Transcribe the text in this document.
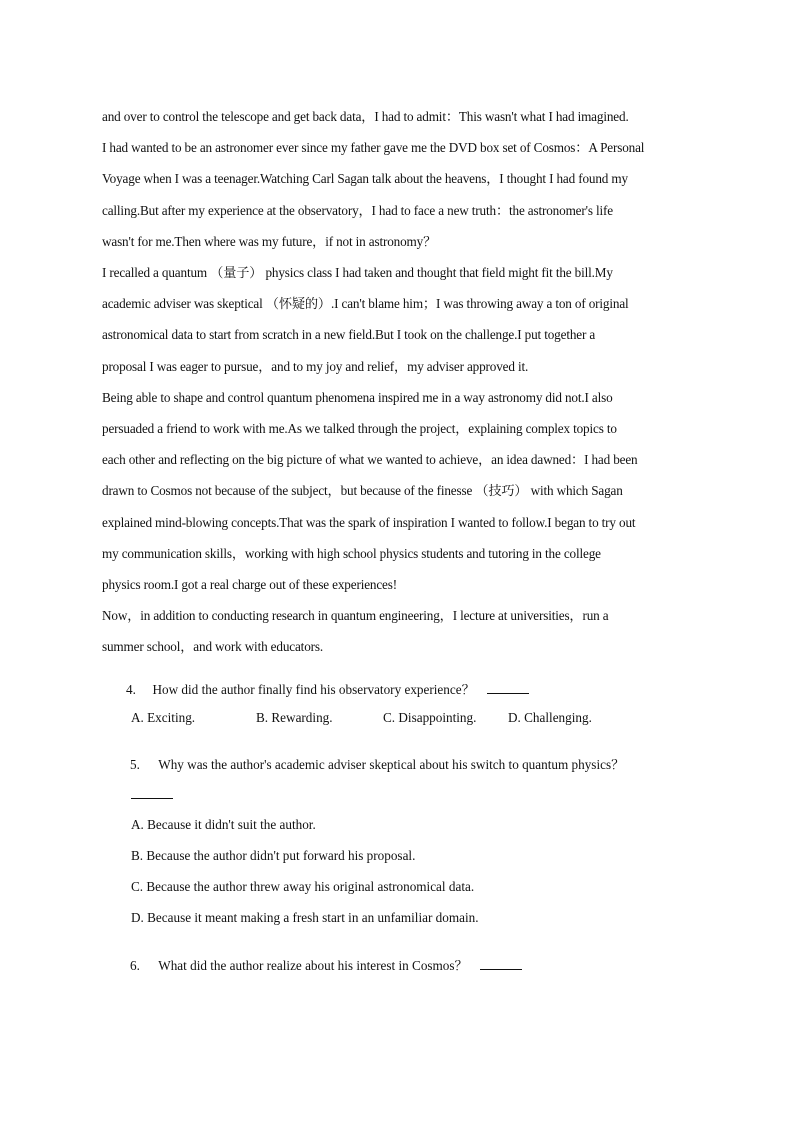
and over to control the telescope and get back data，I had to admit：This wasn't what I had imagined.

I had wanted to be an astronomer ever since my father gave me the DVD box set of Cosmos：A Personal

Voyage when I was a teenager.Watching Carl Sagan talk about the heavens，I thought I had found my

calling.But after my experience at the observatory，I had to face a new truth：the astronomer's life

wasn't for me.Then where was my future，if not in astronomy？

I recalled a quantum （量子） physics class I had taken and thought that field might fit the bill.My

academic adviser was skeptical （怀疑的）.I can't blame him；I was throwing away a ton of original

astronomical data to start from scratch in a new field.But I took on the challenge.I put together a

proposal I was eager to pursue，and to my joy and relief，my adviser approved it.

Being able to shape and control quantum phenomena inspired me in a way astronomy did not.I also

persuaded a friend to work with me.As we talked through the project，explaining complex topics to

each other and reflecting on the big picture of what we wanted to achieve，an idea dawned：I had been

drawn to Cosmos not because of the subject，but because of the finesse （技巧） with which Sagan

explained mind-blowing concepts.That was the spark of inspiration I wanted to follow.I began to try out

my communication skills，working with high school physics students and tutoring in the college

physics room.I got a real charge out of these experiences!

Now，in addition to conducting research in quantum engineering，I lecture at universities，run a

summer school，and work with educators.

4. How did the author finally find his observatory experience？
A. Exciting.	B. Rewarding.	C. Disappointing. D. Challenging.
5. Why was the author's academic adviser skeptical about his switch to quantum physics？
A. Because it didn't suit the author.
B. Because the author didn't put forward his proposal.
C. Because the author threw away his original astronomical data.
D. Because it meant making a fresh start in an unfamiliar domain.
6. What did the author realize about his interest in Cosmos？
